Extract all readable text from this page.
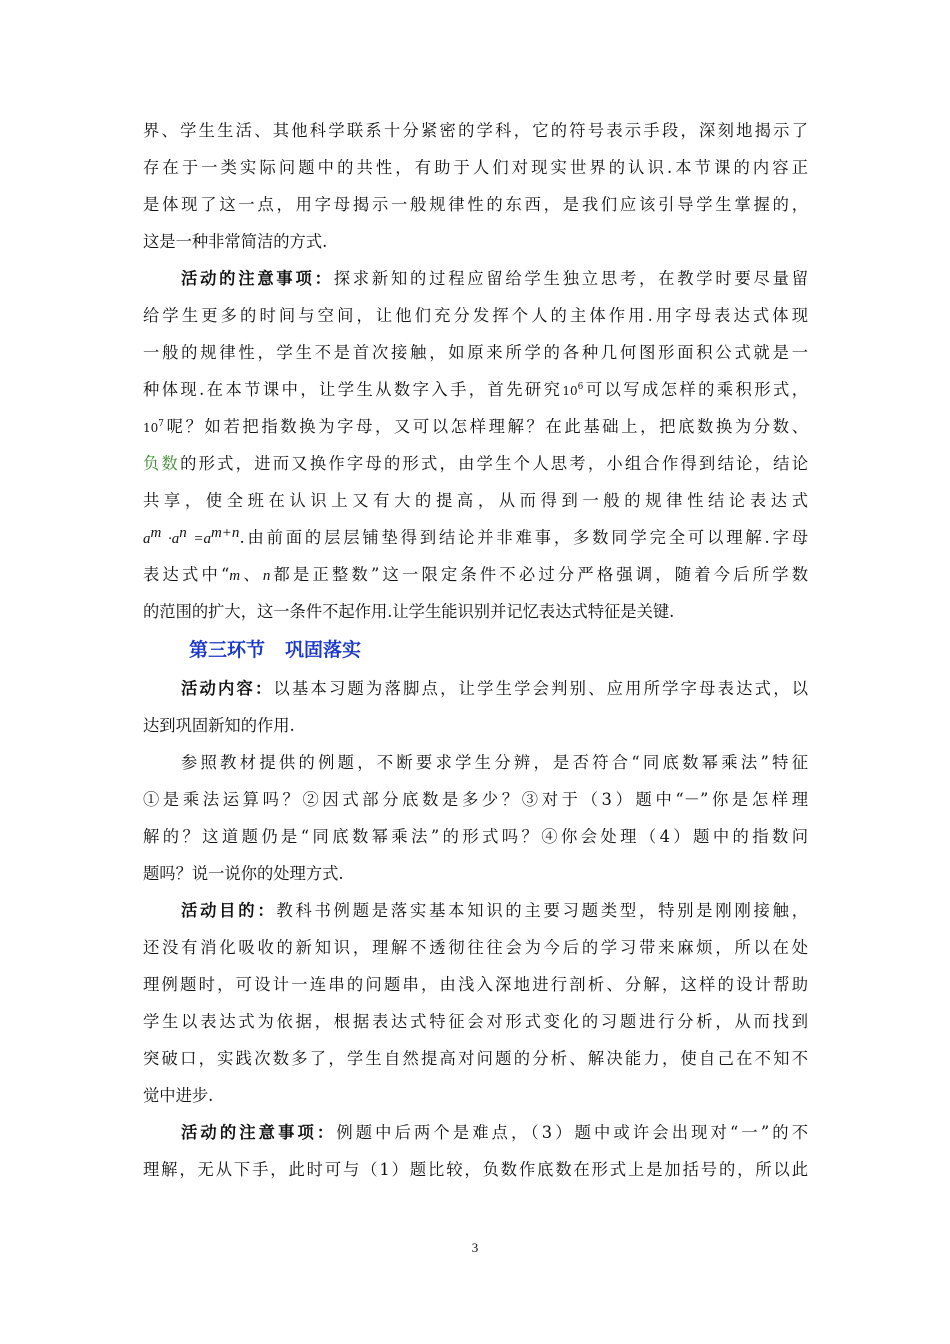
界、学生生活、其他科学联系十分紧密的学科，它的符号表示手段，深刻地揭示了
存在于一类实际问题中的共性，有助于人们对现实世界的认识.本节课的内容正
是体现了这一点，用字母揭示一般规律性的东西，是我们应该引导学生掌握的，
这是一种非常简洁的方式.
活动的注意事项：探求新知的过程应留给学生独立思考，在教学时要尽量留
给学生更多的时间与空间，让他们充分发挥个人的主体作用.用字母表达式体现
一般的规律性，学生不是首次接触，如原来所学的各种几何图形面积公式就是一
种体现.在本节课中，让学生从数字入手，首先研究$10^6$可以写成怎样的乘积形式，
$10^7$呢？如若把指数换为字母，又可以怎样理解？在此基础上，把底数换为分数、
负数的形式，进而又换作字母的形式，由学生个人思考，小组合作得到结论，结论
共享，使全班在认识上又有大的提高，从而得到一般的规律性结论表达式
$a^m \cdot a^n =a^{m+n}$.由前面的层层铺垫得到结论并非难事，多数同学完全可以理解.字母
表达式中“m、n都是正整数”这一限定条件不必过分严格强调，随着今后所学数
的范围的扩大，这一条件不起作用.让学生能识别并记忆表达式特征是关键.
第三环节 巩固落实
活动内容：以基本习题为落脚点，让学生学会判别、应用所学字母表达式，以
达到巩固新知的作用.
参照教材提供的例题，不断要求学生分辨，是否符合“同底数幂乘法”特征
①是乘法运算吗？②因式部分底数是多少？③对于（3）题中“－”你是怎样理
解的？这道题仍是“同底数幂乘法”的形式吗？④你会处理（4）题中的指数问
题吗？说一说你的处理方式.
活动目的：教科书例题是落实基本知识的主要习题类型，特别是刚刚接触，
还没有消化吸收的新知识，理解不透彻往往会为今后的学习带来麻烦，所以在处
理例题时，可设计一连串的问题串，由浅入深地进行剖析、分解，这样的设计帮助
学生以表达式为依据，根据表达式特征会对形式变化的习题进行分析，从而找到
突破口，实践次数多了，学生自然提高对问题的分析、解决能力，使自己在不知不
觉中进步.
活动的注意事项：例题中后两个是难点，（3）题中或许会出现对“一”的不
理解，无从下手，此时可与（1）题比较，负数作底数在形式上是加括号的，所以此
3
